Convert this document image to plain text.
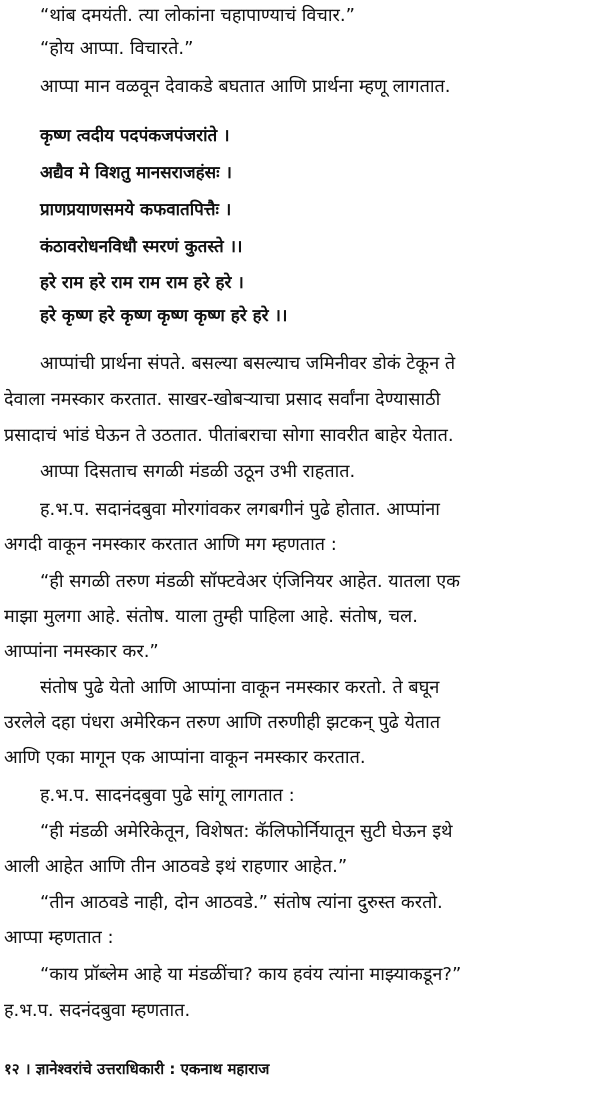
“थांब दमयंती. त्या लोकांना चहापाण्याचं विचार.”
“होय आप्पा. विचारते.”
आप्पा मान वळवून देवाकडे बघतात आणि प्रार्थना म्हणू लागतात.
कृष्ण त्वदीय पदपंकजपंजरांते ।
अद्यैव मे विशतु मानसराजहंसः ।
प्राणप्रयाणसमये कफवातपित्तैः ।
कंठावरोधनविधौ स्मरणं कुतस्ते ।।
हरे राम हरे राम राम राम हरे हरे ।
हरे कृष्ण हरे कृष्ण कृष्ण कृष्ण हरे हरे ।।
आप्पांची प्रार्थना संपते. बसल्या बसल्याच जमिनीवर डोकं टेकून ते
देवाला नमस्कार करतात. साखर-खोबऱ्याचा प्रसाद सर्वांना देण्यासाठी
प्रसादाचं भांडं घेऊन ते उठतात. पीतांबराचा सोगा सावरीत बाहेर येतात.
आप्पा दिसताच सगळी मंडळी उठून उभी राहतात.
ह.भ.प. सदानंदबुवा मोरगांवकर लगबगीनं पुढे होतात. आप्पांना
अगदी वाकून नमस्कार करतात आणि मग म्हणतात :
“ही सगळी तरुण मंडळी सॉफ्टवेअर एंजिनियर आहेत. यातला एक
माझा मुलगा आहे. संतोष. याला तुम्ही पाहिला आहे. संतोष, चल.
आप्पांना नमस्कार कर.”
संतोष पुढे येतो आणि आप्पांना वाकून नमस्कार करतो. ते बघून
उरलेले दहा पंधरा अमेरिकन तरुण आणि तरुणीही झटकन् पुढे येतात
आणि एका मागून एक आप्पांना वाकून नमस्कार करतात.
ह.भ.प. सादनंदबुवा पुढे सांगू लागतात :
“ही मंडळी अमेरिकेतून, विशेषत: कॅलिफोर्नियातून सुटी घेऊन इथे
आली आहेत आणि तीन आठवडे इथं राहणार आहेत.”
“तीन आठवडे नाही, दोन आठवडे.” संतोष त्यांना दुरुस्त करतो.
आप्पा म्हणतात :
“काय प्रॉब्लेम आहे या मंडळींचा? काय हवंय त्यांना माझ्याकडून?”
ह.भ.प. सदनंदबुवा म्हणतात.
१२ । ज्ञानेश्वरांचे उत्तराधिकारी : एकनाथ महाराज
